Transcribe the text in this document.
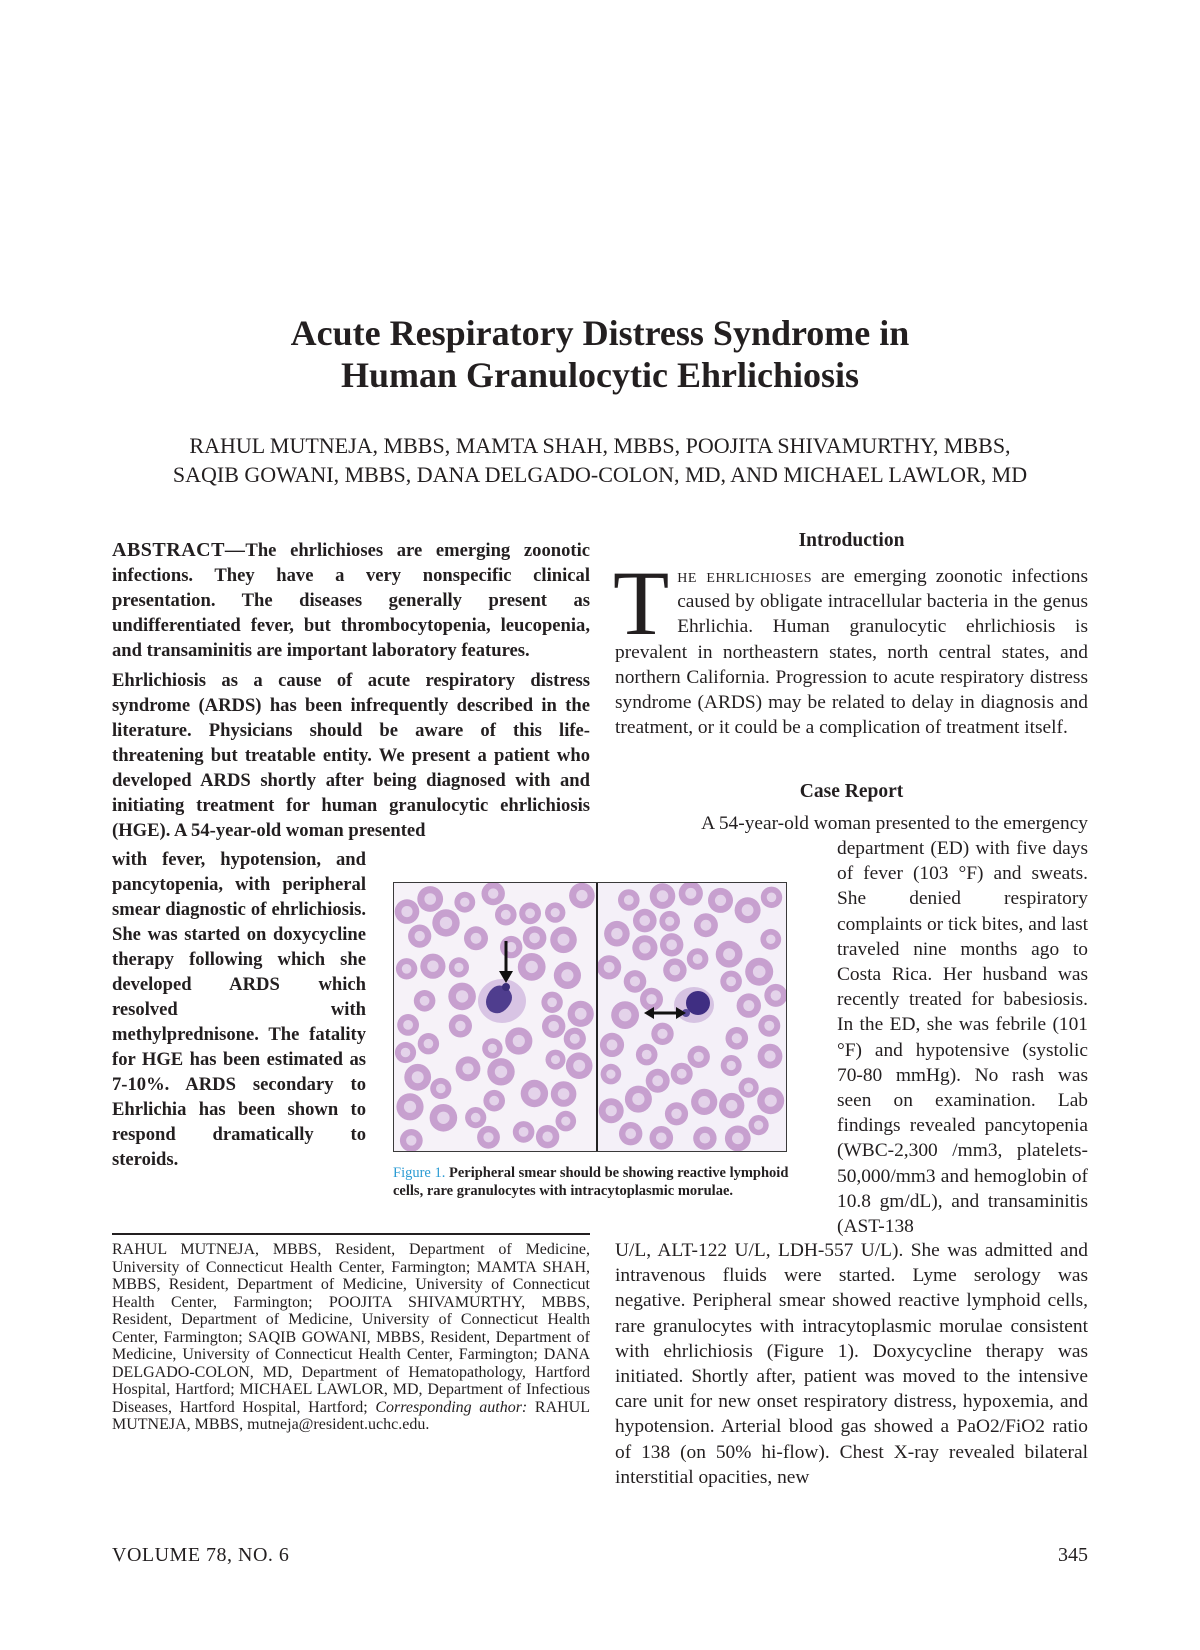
Acute Respiratory Distress Syndrome in
Human Granulocytic Ehrlichiosis
RAHUL MUTNEJA, MBBS, MAMTA SHAH, MBBS, POOJITA SHIVAMURTHY, MBBS,
SAQIB GOWANI, MBBS, DANA DELGADO-COLON, MD, AND MICHAEL LAWLOR, MD

ABSTRACT—The ehrlichioses are emerging zoonotic infections. They have a very nonspecific clinical presentation. The diseases generally present as undifferentiated fever, but thrombocytopenia, leucopenia, and transaminitis are important laboratory features.

Ehrlichiosis as a cause of acute respiratory distress syndrome (ARDS) has been infrequently described in the literature. Physicians should be aware of this life-threatening but treatable entity. We present a patient who developed ARDS shortly after being diagnosed with and initiating treatment for human granulocytic ehrlichiosis (HGE). A 54-year-old woman presented

with fever, hypotension, and pancytopenia, with peripheral smear diagnostic of ehrlichiosis. She was started on doxycycline therapy following which she developed ARDS which resolved with methylprednisone. The fatality for HGE has been estimated as 7-10%. ARDS secondary to Ehrlichia has been shown to respond dramatically to steroids.
Figure 1. Peripheral smear should be showing reactive lymphoid cells, rare granulocytes with intracytoplasmic morulae.
RAHUL MUTNEJA, MBBS, Resident, Department of Medicine, University of Connecticut Health Center, Farmington; MAMTA SHAH, MBBS, Resident, Department of Medicine, University of Connecticut Health Center, Farmington; POOJITA SHIVAMURTHY, MBBS, Resident, Department of Medicine, University of Connecticut Health Center, Farmington; SAQIB GOWANI, MBBS, Resident, Department of Medicine, University of Connecticut Health Center, Farmington; DANA DELGADO-COLON, MD, Department of Hematopathology, Hartford Hospital, Hartford; MICHAEL LAWLOR, MD, Department of Infectious Diseases, Hartford Hospital, Hartford; Corresponding author: RAHUL MUTNEJA, MBBS, mutneja@resident.uchc.edu.
Introduction

The ehrlichioses are emerging zoonotic infections caused by obligate intracellular bacteria in the genus Ehrlichia. Human granulocytic ehrlichiosis is prevalent in northeastern states, north central states, and northern California. Progression to acute respiratory distress syndrome (ARDS) may be related to delay in diagnosis and treatment, or it could be a complication of treatment itself.

Case Report
A 54-year-old woman presented to the emergency
department (ED) with five days of fever (103 °F) and sweats. She denied respiratory complaints or tick bites, and last traveled nine months ago to Costa Rica. Her husband was recently treated for babesiosis. In the ED, she was febrile (101 °F) and hypotensive (systolic 70-80 mmHg). No rash was seen on examination. Lab findings revealed pancytopenia (WBC-2,300 /mm3, platelets-50,000/mm3 and hemoglobin of 10.8 gm/dL), and transaminitis (AST-138
U/L, ALT-122 U/L, LDH-557 U/L). She was admitted and intravenous fluids were started. Lyme serology was negative. Peripheral smear showed reactive lymphoid cells, rare granulocytes with intracytoplasmic morulae consistent with ehrlichiosis (Figure 1). Doxycycline therapy was initiated. Shortly after, patient was moved to the intensive care unit for new onset respiratory distress, hypoxemia, and hypotension. Arterial blood gas showed a PaO2/FiO2 ratio of 138 (on 50% hi-flow). Chest X-ray revealed bilateral interstitial opacities, new
VOLUME 78, NO. 6	345
